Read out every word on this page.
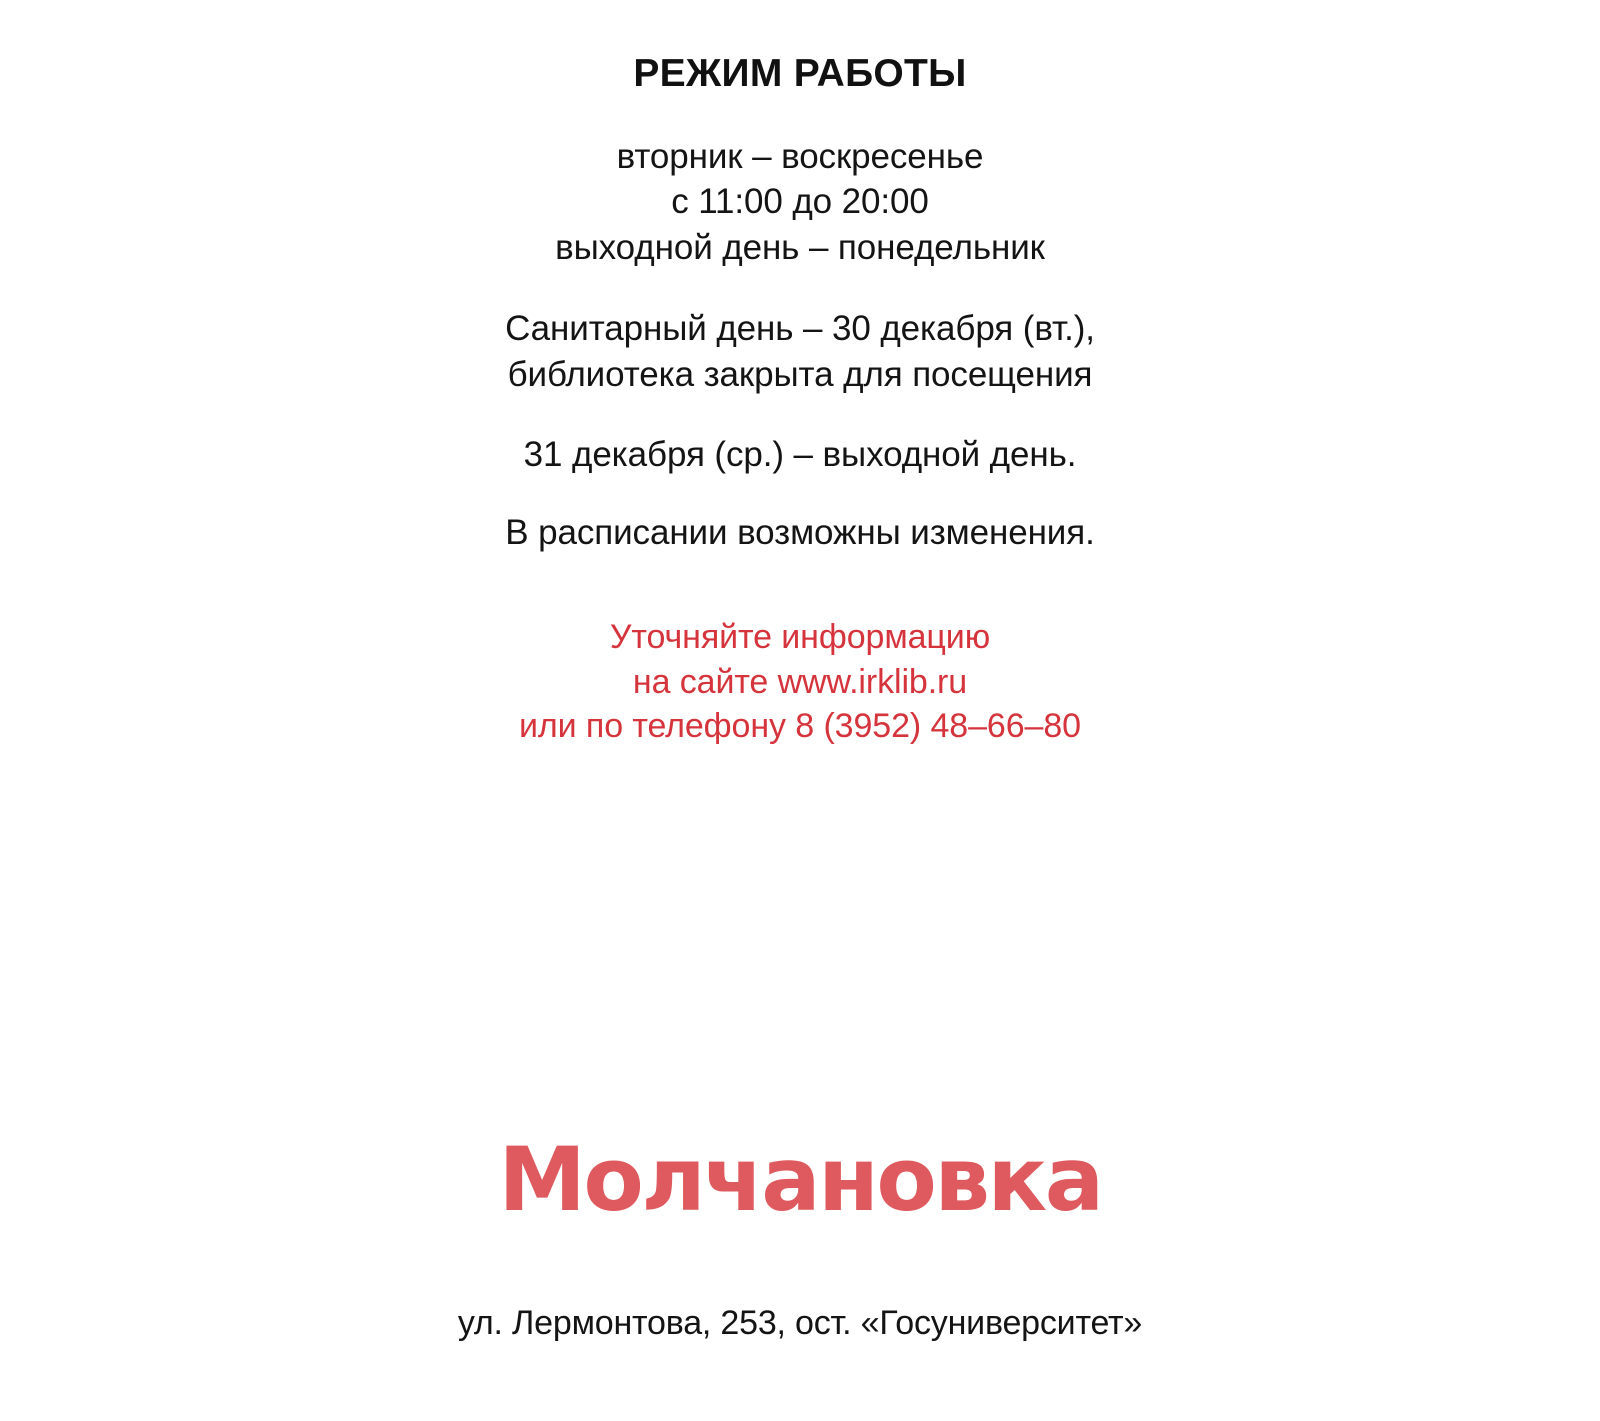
РЕЖИМ РАБОТЫ

вторник – воскресенье
с 11:00 до 20:00
выходной день – понедельник

Санитарный день – 30 декабря (вт.),
библиотека закрыта для посещения

31 декабря (ср.) – выходной день.

В расписании возможны изменения.

Уточняйте информацию
на сайте www.irklib.ru
или по телефону 8 (3952) 48–66–80

Молчановка

ул. Лермонтова, 253, ост. «Госуниверситет»
